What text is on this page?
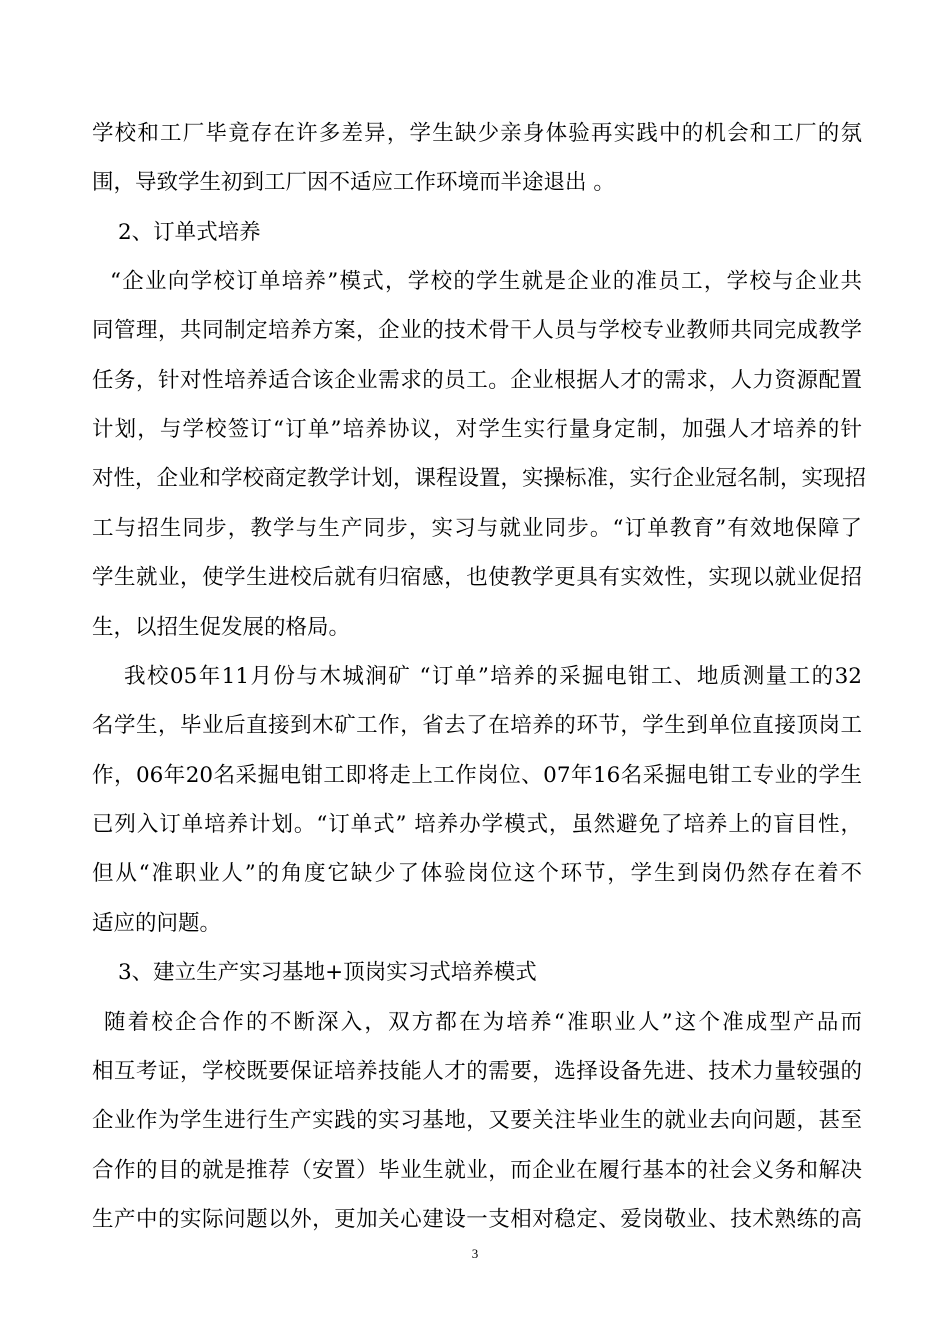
学校和工厂毕竟存在许多差异，学生缺少亲身体验再实践中的机会和工厂的氛
围，导致学生初到工厂因不适应工作环境而半途退出 。
2、订单式培养
“企业向学校订单培养”模式，学校的学生就是企业的准员工，学校与企业共
同管理，共同制定培养方案，企业的技术骨干人员与学校专业教师共同完成教学
任务，针对性培养适合该企业需求的员工。企业根据人才的需求，人力资源配置
计划，与学校签订“订单”培养协议，对学生实行量身定制，加强人才培养的针
对性，企业和学校商定教学计划，课程设置，实操标准，实行企业冠名制，实现招
工与招生同步，教学与生产同步，实习与就业同步。“订单教育”有效地保障了
学生就业，使学生进校后就有归宿感，也使教学更具有实效性，实现以就业促招
生，以招生促发展的格局。
我校05年11月份与木城涧矿 “订单”培养的采掘电钳工、地质测量工的32
名学生，毕业后直接到木矿工作，省去了在培养的环节，学生到单位直接顶岗工
作，06年20名采掘电钳工即将走上工作岗位、07年16名采掘电钳工专业的学生
已列入订单培养计划。“订单式” 培养办学模式，虽然避免了培养上的盲目性，
但从“准职业人”的角度它缺少了体验岗位这个环节，学生到岗仍然存在着不
适应的问题。
3、建立生产实习基地+顶岗实习式培养模式
随着校企合作的不断深入，双方都在为培养“准职业人”这个准成型产品而
相互考证，学校既要保证培养技能人才的需要，选择设备先进、技术力量较强的
企业作为学生进行生产实践的实习基地，又要关注毕业生的就业去向问题，甚至
合作的目的就是推荐（安置）毕业生就业，而企业在履行基本的社会义务和解决
生产中的实际问题以外，更加关心建设一支相对稳定、爱岗敬业、技术熟练的高
3
